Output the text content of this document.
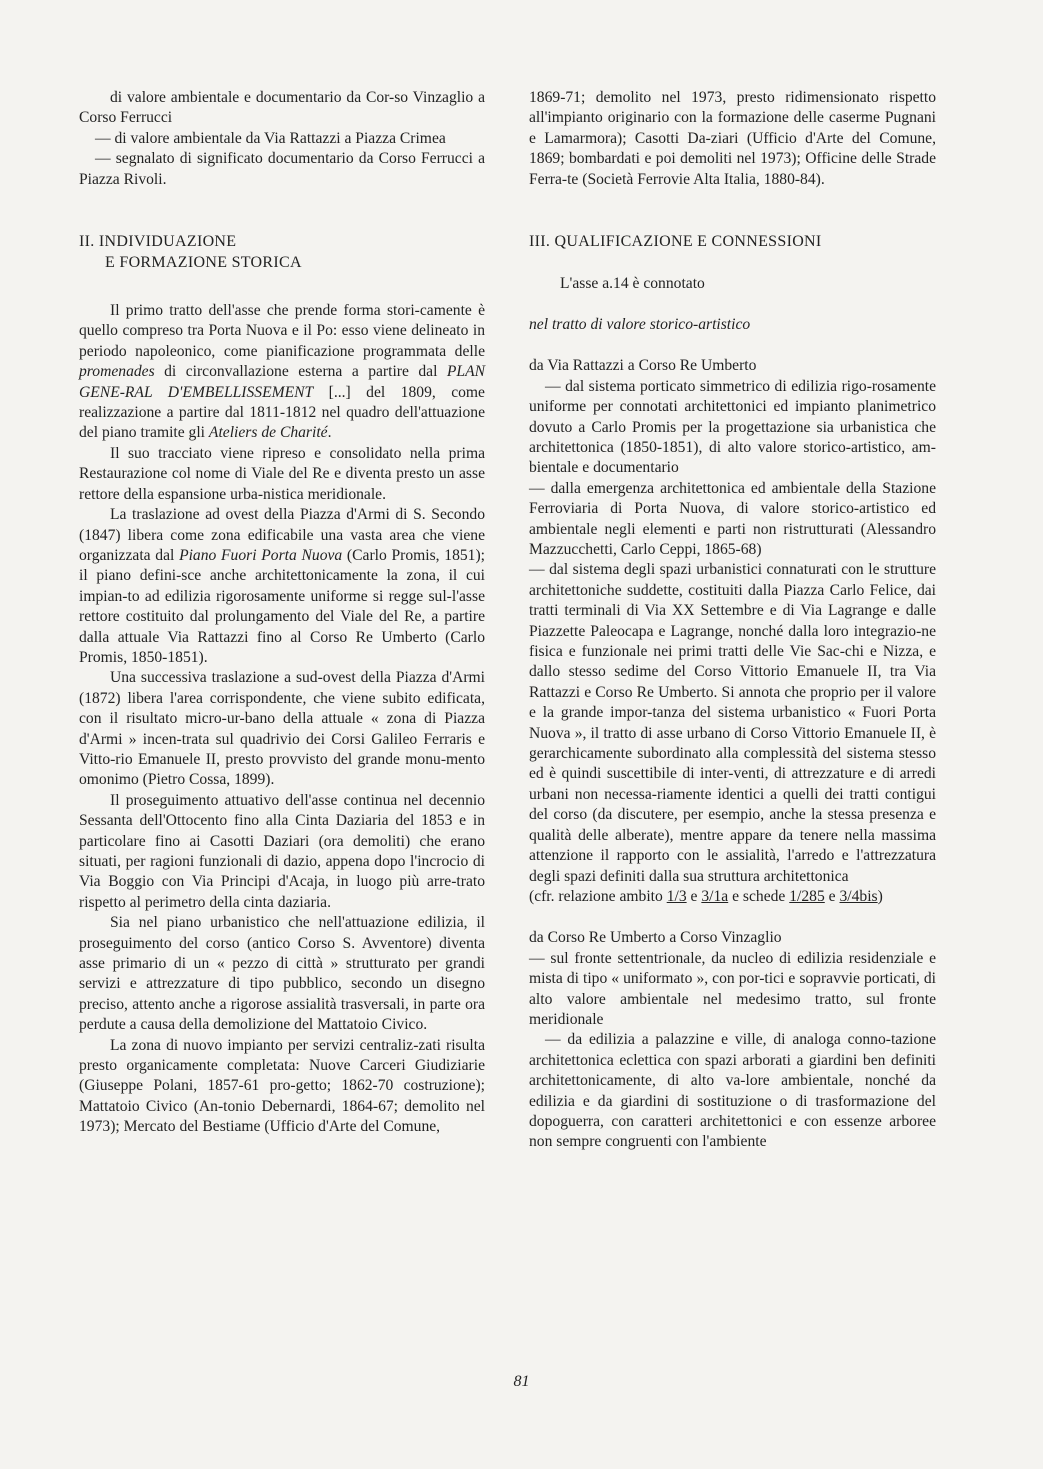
di valore ambientale e documentario da Cor-so Vinzaglio a Corso Ferrucci

— di valore ambientale da Via Rattazzi a Piazza Crimea

— segnalato di significato documentario da Corso Ferrucci a Piazza Rivoli.

II. INDIVIDUAZIONE
E FORMAZIONE STORICA

Il primo tratto dell'asse che prende forma stori-camente è quello compreso tra Porta Nuova e il Po: esso viene delineato in periodo napoleonico, come pianificazione programmata delle promenades di circonvallazione esterna a partire dal PLAN GENE-RAL D'EMBELLISSEMENT [...] del 1809, come realizzazione a partire dal 1811-1812 nel quadro dell'attuazione del piano tramite gli Ateliers de Charité.

Il suo tracciato viene ripreso e consolidato nella prima Restaurazione col nome di Viale del Re e diventa presto un asse rettore della espansione urba-nistica meridionale.

La traslazione ad ovest della Piazza d'Armi di S. Secondo (1847) libera come zona edificabile una vasta area che viene organizzata dal Piano Fuori Porta Nuova (Carlo Promis, 1851); il piano defini-sce anche architettonicamente la zona, il cui impian-to ad edilizia rigorosamente uniforme si regge sul-l'asse rettore costituito dal prolungamento del Viale del Re, a partire dalla attuale Via Rattazzi fino al Corso Re Umberto (Carlo Promis, 1850-1851).

Una successiva traslazione a sud-ovest della Piazza d'Armi (1872) libera l'area corrispondente, che viene subito edificata, con il risultato micro-ur-bano della attuale « zona di Piazza d'Armi » incen-trata sul quadrivio dei Corsi Galileo Ferraris e Vitto-rio Emanuele II, presto provvisto del grande monu-mento omonimo (Pietro Cossa, 1899).

Il proseguimento attuativo dell'asse continua nel decennio Sessanta dell'Ottocento fino alla Cinta Daziaria del 1853 e in particolare fino ai Casotti Daziari (ora demoliti) che erano situati, per ragioni funzionali di dazio, appena dopo l'incrocio di Via Boggio con Via Principi d'Acaja, in luogo più arre-trato rispetto al perimetro della cinta daziaria.

Sia nel piano urbanistico che nell'attuazione edilizia, il proseguimento del corso (antico Corso S. Avventore) diventa asse primario di un « pezzo di città » strutturato per grandi servizi e attrezzature di tipo pubblico, secondo un disegno preciso, attento anche a rigorose assialità trasversali, in parte ora perdute a causa della demolizione del Mattatoio Civico.

La zona di nuovo impianto per servizi centraliz-zati risulta presto organicamente completata: Nuove Carceri Giudiziarie (Giuseppe Polani, 1857-61 pro-getto; 1862-70 costruzione); Mattatoio Civico (An-tonio Debernardi, 1864-67; demolito nel 1973); Mercato del Bestiame (Ufficio d'Arte del Comune,

1869-71; demolito nel 1973, presto ridimensionato rispetto all'impianto originario con la formazione delle caserme Pugnani e Lamarmora); Casotti Da-ziari (Ufficio d'Arte del Comune, 1869; bombardati e poi demoliti nel 1973); Officine delle Strade Ferra-te (Società Ferrovie Alta Italia, 1880-84).

III. QUALIFICAZIONE E CONNESSIONI

L'asse a.14 è connotato

nel tratto di valore storico-artistico

da Via Rattazzi a Corso Re Umberto

— dal sistema porticato simmetrico di edilizia rigo-rosamente uniforme per connotati architettonici ed impianto planimetrico dovuto a Carlo Promis per la progettazione sia urbanistica che architettonica (1850-1851), di alto valore storico-artistico, am-bientale e documentario

— dalla emergenza architettonica ed ambientale della Stazione Ferroviaria di Porta Nuova, di valore storico-artistico ed ambientale negli elementi e parti non ristrutturati (Alessandro Mazzucchetti, Carlo Ceppi, 1865-68)

— dal sistema degli spazi urbanistici connaturati con le strutture architettoniche suddette, costituiti dalla Piazza Carlo Felice, dai tratti terminali di Via XX Settembre e di Via Lagrange e dalle Piazzette Paleocapa e Lagrange, nonché dalla loro integrazio-ne fisica e funzionale nei primi tratti delle Vie Sac-chi e Nizza, e dallo stesso sedime del Corso Vittorio Emanuele II, tra Via Rattazzi e Corso Re Umberto. Si annota che proprio per il valore e la grande impor-tanza del sistema urbanistico « Fuori Porta Nuova », il tratto di asse urbano di Corso Vittorio Emanuele II, è gerarchicamente subordinato alla complessità del sistema stesso ed è quindi suscettibile di inter-venti, di attrezzature e di arredi urbani non necessa-riamente identici a quelli dei tratti contigui del corso (da discutere, per esempio, anche la stessa presenza e qualità delle alberate), mentre appare da tenere nella massima attenzione il rapporto con le assialità, l'arredo e l'attrezzatura degli spazi definiti dalla sua struttura architettonica

(cfr. relazione ambito 1/3 e 3/1a e schede 1/285 e 3/4bis)

da Corso Re Umberto a Corso Vinzaglio

— sul fronte settentrionale, da nucleo di edilizia residenziale e mista di tipo « uniformato », con por-tici e sopravvie porticati, di alto valore ambientale nel medesimo tratto, sul fronte meridionale

— da edilizia a palazzine e ville, di analoga conno-tazione architettonica eclettica con spazi arborati a giardini ben definiti architettonicamente, di alto va-lore ambientale, nonché da edilizia e da giardini di sostituzione o di trasformazione del dopoguerra, con caratteri architettonici e con essenze arboree non sempre congruenti con l'ambiente

81
